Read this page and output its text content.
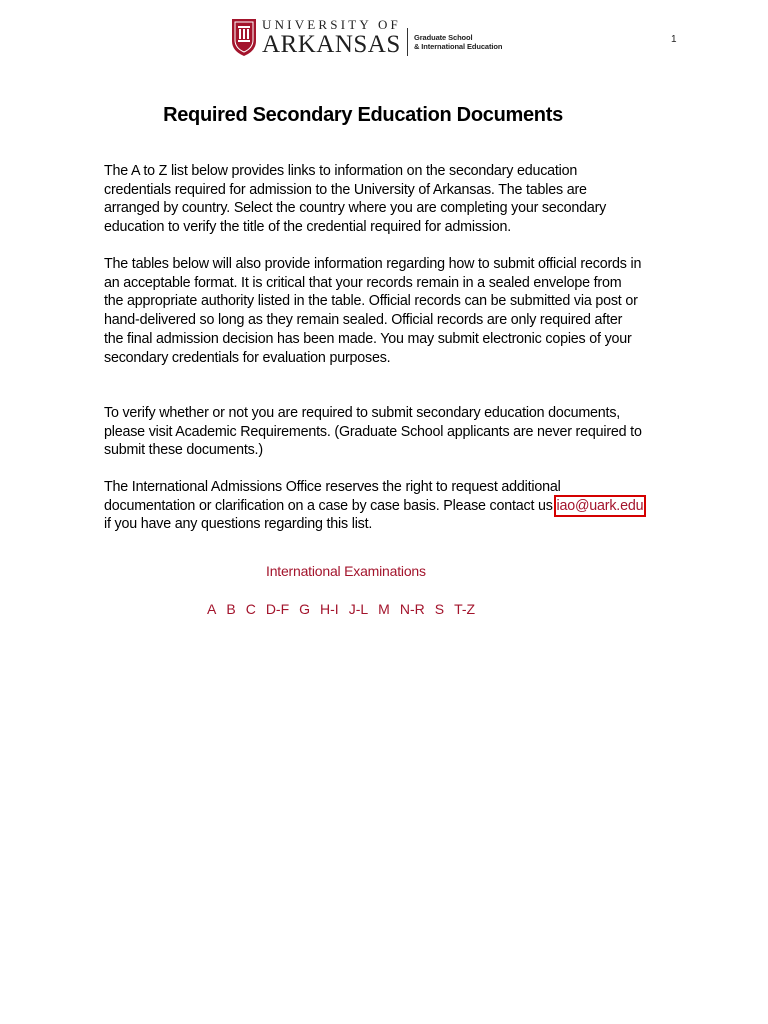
UNIVERSITY OF
ARKANSAS Graduate School
& International Education
1
Required Secondary Education Documents

The A to Z list below provides links to information on the secondary education credentials required for admission to the University of Arkansas. The tables are arranged by country. Select the country where you are completing your secondary education to verify the title of the credential required for admission.

The tables below will also provide information regarding how to submit official records in an acceptable format. It is critical that your records remain in a sealed envelope from the appropriate authority listed in the table. Official records can be submitted via post or hand-delivered so long as they remain sealed. Official records are only required after the final admission decision has been made. You may submit electronic copies of your secondary credentials for evaluation purposes.

To verify whether or not you are required to submit secondary education documents, please visit Academic Requirements. (Graduate School applicants are never required to submit these documents.)

The International Admissions Office reserves the right to request additional documentation or clarification on a case by case basis. Please contact us iao@uark.edu if you have any questions regarding this list.

International Examinations
A B C D-F G H-I J-L M N-R S T-Z
